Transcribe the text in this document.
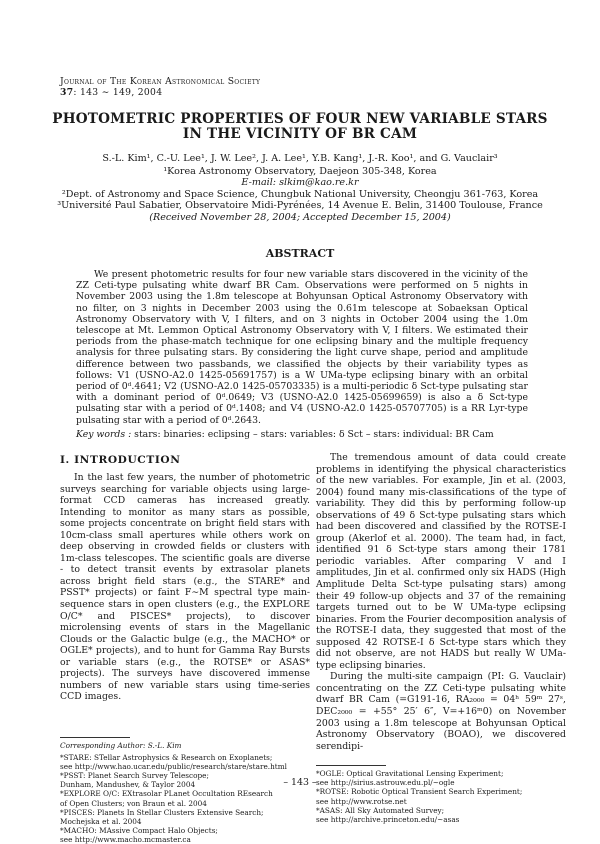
Journal of The Korean Astronomical Society
37: 143 ∼ 149, 2004
PHOTOMETRIC PROPERTIES OF FOUR NEW VARIABLE STARS
IN THE VICINITY OF BR CAM
S.-L. Kim¹, C.-U. Lee¹, J. W. Lee², J. A. Lee¹, Y.B. Kang¹, J.-R. Koo¹, and G. Vauclair³
¹Korea Astronomy Observatory, Daejeon 305-348, Korea
E-mail: slkim@kao.re.kr
²Dept. of Astronomy and Space Science, Chungbuk National University, Cheongju 361-763, Korea
³Université Paul Sabatier, Observatoire Midi-Pyrénées, 14 Avenue E. Belin, 31400 Toulouse, France
(Received November 28, 2004; Accepted December 15, 2004)
ABSTRACT

We present photometric results for four new variable stars discovered in the vicinity of the ZZ Ceti-type pulsating white dwarf BR Cam. Observations were performed on 5 nights in November 2003 using the 1.8m telescope at Bohyunsan Optical Astronomy Observatory with no filter, on 3 nights in December 2003 using the 0.61m telescope at Sobaeksan Optical Astronomy Observatory with V, I filters, and on 3 nights in October 2004 using the 1.0m telescope at Mt. Lemmon Optical Astronomy Observatory with V, I filters. We estimated their periods from the phase-match technique for one eclipsing binary and the multiple frequency analysis for three pulsating stars. By considering the light curve shape, period and amplitude difference between two passbands, we classified the objects by their variability types as follows: V1 (USNO-A2.0 1425-05691757) is a W UMa-type eclipsing binary with an orbital period of 0ᵈ.4641; V2 (USNO-A2.0 1425-05703335) is a multi-periodic δ Sct-type pulsating star with a dominant period of 0ᵈ.0649; V3 (USNO-A2.0 1425-05699659) is also a δ Sct-type pulsating star with a period of 0ᵈ.1408; and V4 (USNO-A2.0 1425-05707705) is a RR Lyr-type pulsating star with a period of 0ᵈ.2643.

Key words : stars: binaries: eclipsing – stars: variables: δ Sct – stars: individual: BR Cam
I. INTRODUCTION

In the last few years, the number of photometric surveys searching for variable objects using large-format CCD cameras has increased greatly. Intending to monitor as many stars as possible, some projects concentrate on bright field stars with 10cm-class small apertures while others work on deep observing in crowded fields or clusters with 1m-class telescopes. The scientific goals are diverse - to detect transit events by extrasolar planets across bright field stars (e.g., the STARE* and PSST* projects) or faint F∼M spectral type main-sequence stars in open clusters (e.g., the EXPLORE O/C* and PISCES* projects), to discover microlensing events of stars in the Magellanic Clouds or the Galactic bulge (e.g., the MACHO* or OGLE* projects), and to hunt for Gamma Ray Bursts or variable stars (e.g., the ROTSE* or ASAS* projects). The surveys have discovered immense numbers of new variable stars using time-series CCD images.

Corresponding Author: S.-L. Kim
*STARE: STellar Astrophysics & Research on Exoplanets;
see http://www.hao.ucar.edu/public/research/stare/stare.html
*PSST: Planet Search Survey Telescope;
Dunham, Mandushev, & Taylor 2004
*EXPLORE O/C: EXtrasolar PLanet Occultation REsearch
of Open Clusters; von Braun et al. 2004
*PISCES: Planets In Stellar Clusters Extensive Search;
Mochejska et al. 2004
*MACHO: MAssive Compact Halo Objects;
see http://www.macho.mcmaster.ca

The tremendous amount of data could create problems in identifying the physical characteristics of the new variables. For example, Jin et al. (2003, 2004) found many mis-classifications of the type of variability. They did this by performing follow-up observations of 49 δ Sct-type pulsating stars which had been discovered and classified by the ROTSE-I group (Akerlof et al. 2000). The team had, in fact, identified 91 δ Sct-type stars among their 1781 periodic variables. After comparing V and I amplitudes, Jin et al. confirmed only six HADS (High Amplitude Delta Sct-type pulsating stars) among their 49 follow-up objects and 37 of the remaining targets turned out to be W UMa-type eclipsing binaries. From the Fourier decomposition analysis of the ROTSE-I data, they suggested that most of the supposed 42 ROTSE-I δ Sct-type stars which they did not observe, are not HADS but really W UMa-type eclipsing binaries.

During the multi-site campaign (PI: G. Vauclair) concentrating on the ZZ Ceti-type pulsating white dwarf BR Cam (=G191-16, RA₂₀₀₀ = 04ʰ 59ᵐ 27ˢ, DEC₂₀₀₀ = +55° 25′ 6″, V=+16ᵐ0) on November 2003 using a 1.8m telescope at Bohyunsan Optical Astronomy Observatory (BOAO), we discovered serendipi-

*OGLE: Optical Gravitational Lensing Experiment;
see http://sirius.astrouw.edu.pl/~ogle
*ROTSE: Robotic Optical Transient Search Experiment;
see http://www.rotse.net
*ASAS: All Sky Automated Survey;
see http://archive.princeton.edu/~asas
– 143 –
